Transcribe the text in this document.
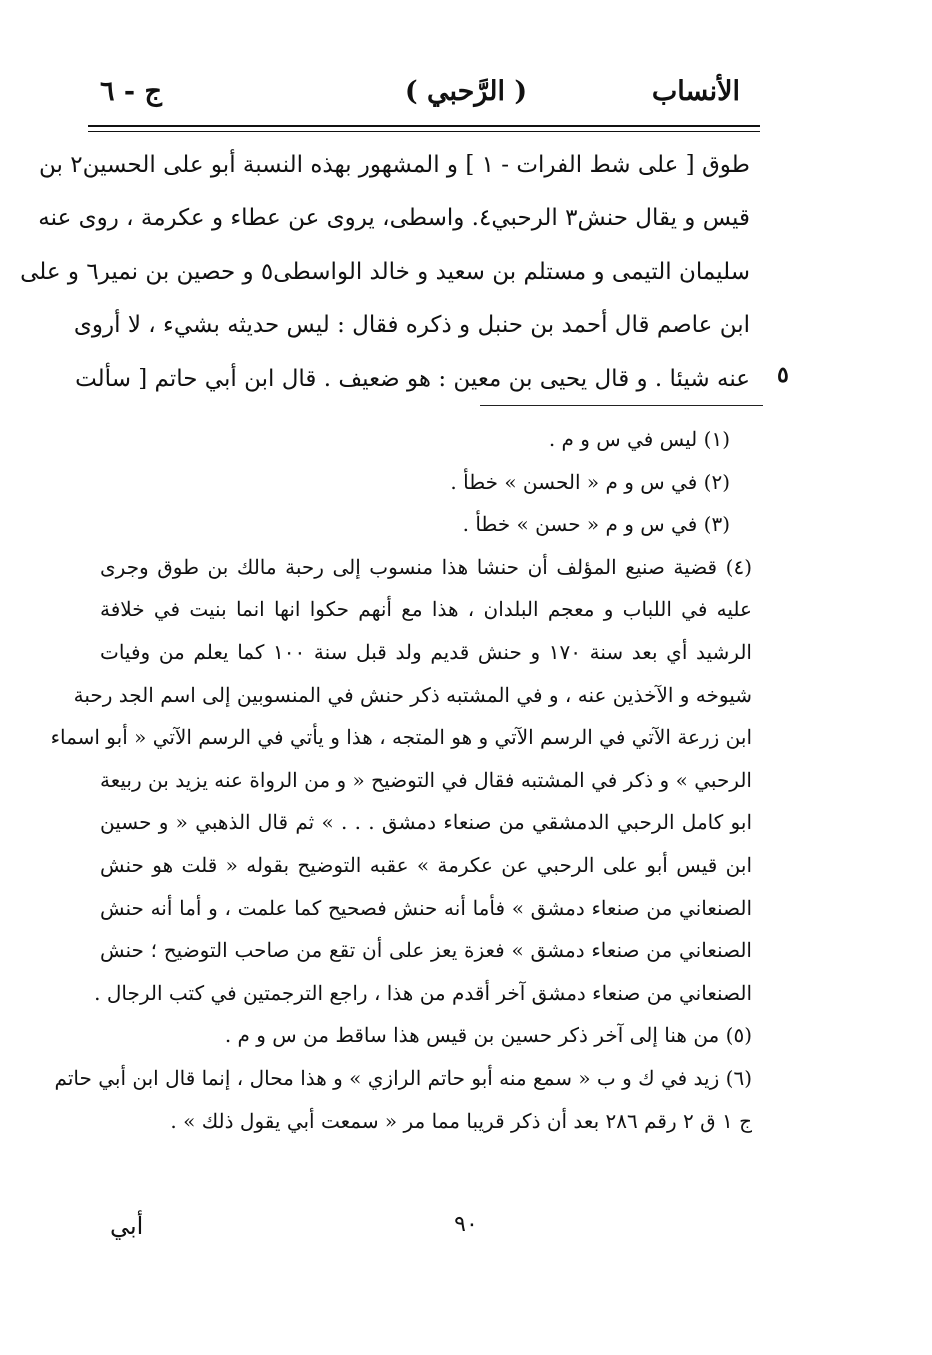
الأنساب
( الرَّحبي )
ج - ٦
طوق [ على شط الفرات - ١ ] و المشهور بهذه النسبة أبو على الحسين٢ بن
قيس و يقال حنش٣ الرحبي٤. واسطى، يروى عن عطاء و عكرمة ، روى عنه
سليمان التيمى و مستلم بن سعيد و خالد الواسطى٥ و حصين بن نمير٦ و على
ابن عاصم قال أحمد بن حنبل و ذكره فقال : ليس حديثه بشيء ، لا أروى
عنه شيئا . و قال يحيى بن معين : هو ضعيف . قال ابن أبي حاتم [ سألت ٥
(١) ليس في س و م .
(٢) في س و م « الحسن » خطأ .
(٣) في س و م « حسن » خطأ .
(٤) قضية صنيع المؤلف أن حنشا هذا منسوب إلى رحبة مالك بن طوق وجرى
عليه في اللباب و معجم البلدان ، هذا مع أنهم حكوا انها انما بنيت في خلافة
الرشيد أي بعد سنة ١٧٠ و حنش قديم ولد قبل سنة ١٠٠ كما يعلم من وفيات
شيوخه و الآخذين عنه ، و في المشتبه ذكر حنش في المنسوبين إلى اسم الجد رحبة
ابن زرعة الآتي في الرسم الآتي و هو المتجه ، هذا و يأتي في الرسم الآتي « أبو اسماء
الرحبي » و ذكر في المشتبه فقال في التوضيح « و من الرواة عنه يزيد بن ربيعة
ابو كامل الرحبي الدمشقي من صنعاء دمشق . . . » ثم قال الذهبي « و حسين
ابن قيس أبو على الرحبي عن عكرمة » عقبه التوضيح بقوله « قلت هو حنش
الصنعاني من صنعاء دمشق » فأما أنه حنش فصحيح كما علمت ، و أما أنه حنش
الصنعاني من صنعاء دمشق » فعزة يعز على أن تقع من صاحب التوضيح ؛ حنش
الصنعاني من صنعاء دمشق آخر أقدم من هذا ، راجع الترجمتين في كتب الرجال .
(٥) من هنا إلى آخر ذكر حسين بن قيس هذا ساقط من س و م .
(٦) زيد في ك و ب « سمع منه أبو حاتم الرازي » و هذا محال ، إنما قال ابن أبي حاتم
ج ١ ق ٢ رقم ٢٨٦ بعد أن ذكر قريبا مما مر « سمعت أبي يقول ذلك » .
٩٠
أبي
